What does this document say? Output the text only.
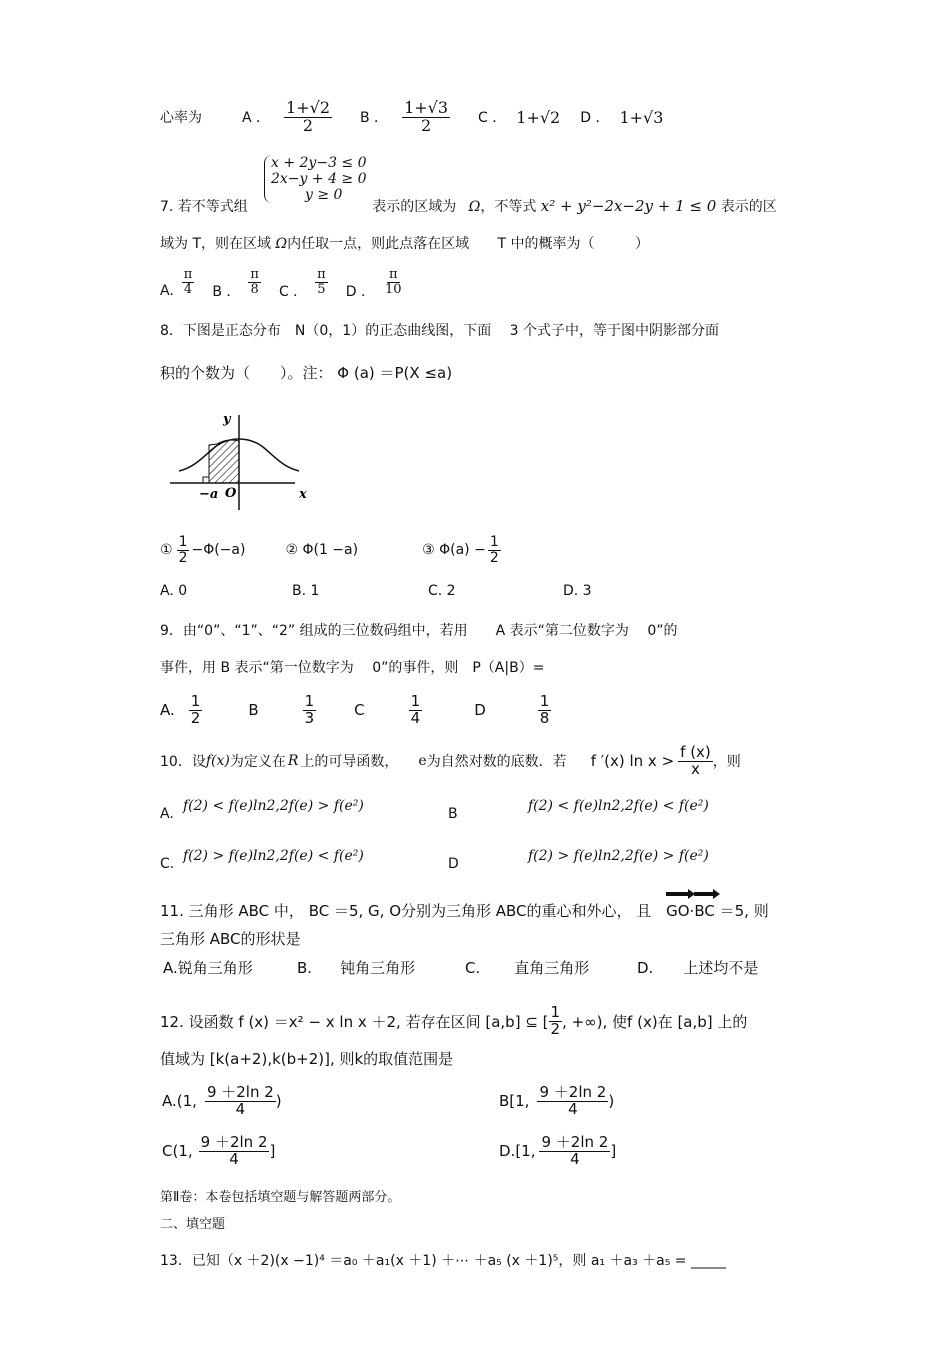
心率为	A ． $\frac{1+√2}{2}$ B ． $\frac{1+√3}{2}$ C ． 1+√2 D ． 1+√3
x + 2y−3 ≤ 0
2x−y + 4 ≥ 0
y ≥ 0
7. 若不等式组	表示的区域为 Ω，不等式 x² + y²−2x−2y + 1 ≤ 0 表示的区
域为 T，则在区域 Ω内任取一点，则此点落在区域 T 中的概率为（	）
A. $\frac{\pi}{4}$ B ． $\frac{\pi}{8}$ C ． $\frac{\pi}{5}$ D ． $\frac{\pi}{10}$
8．下图是正态分布　N（0，1）的正态曲线图，下面　 3 个式子中，等于图中阴影部分面
积的个数为（　　）。注： Φ (a) ＝P(X ≤a)
y
x
−a O
① $\frac{1}{2} -\Phi(-a)$	② Φ(1 −a)	③ $\Phi(a) - \frac{1}{2}$
A. 0	B. 1	C. 2	D. 3
9．由“0”、“1”、“2” 组成的三位数码组中，若用　　A 表示“第二位数字为　 0”的
事件，用 B 表示“第一位数字为　 0”的事件，则　P（A|B）=
A. $\frac{1}{2}$	B	$\frac{1}{3}$	C	$\frac{1}{4}$	D	$\frac{1}{8}$
10．设 f(x) 为定义在 R 上的可导函数， e 为自然对数的底数．若 f ′(x) $\ln x > \frac{f (x)}{x}$ ，则
A. f(2) < f(e)ln2,2f(e) > f(e²)	B	f(2) < f(e)ln2,2f(e) < f(e²)
C. f(2) > f(e)ln2,2f(e) < f(e²)	D	f(2) > f(e)ln2,2f(e) > f(e²)
11. 三角形 ABC 中， BC ＝5, G, O分别为三角形 ABC的重心和外心， 且 GO⋅
BC ＝5, 则
三角形 ABC的形状是
A.锐角三角形	B. 钝角三角形	C. 直角三角形	D. 上述均不是
12. 设函数 f (x) ＝x² − x ln x ＋2, 若存在区间 [a,b] ⊆ [ $\frac{1}{2}$ , +∞), 使f (x)在 [a,b] 上的
值域为 [k(a+2),k(b+2)], 则k的取值范围是
A.(1, $\frac{9 +2\ln 2}{4}$ )	B[1, $\frac{9 +2\ln 2}{4}$ )
C(1, $\frac{9 +2\ln 2}{4}$ ]	D.[1, $\frac{9 +2\ln 2}{4}$ ]
第Ⅱ卷：本卷包括填空题与解答题两部分。
二、填空题
13．已知（x ＋2)(x −1)⁴ ＝a₀ ＋a₁(x ＋1) ＋⋯ ＋a₅ (x ＋1)⁵，则 a₁ ＋a₃ ＋a₅ = _____
